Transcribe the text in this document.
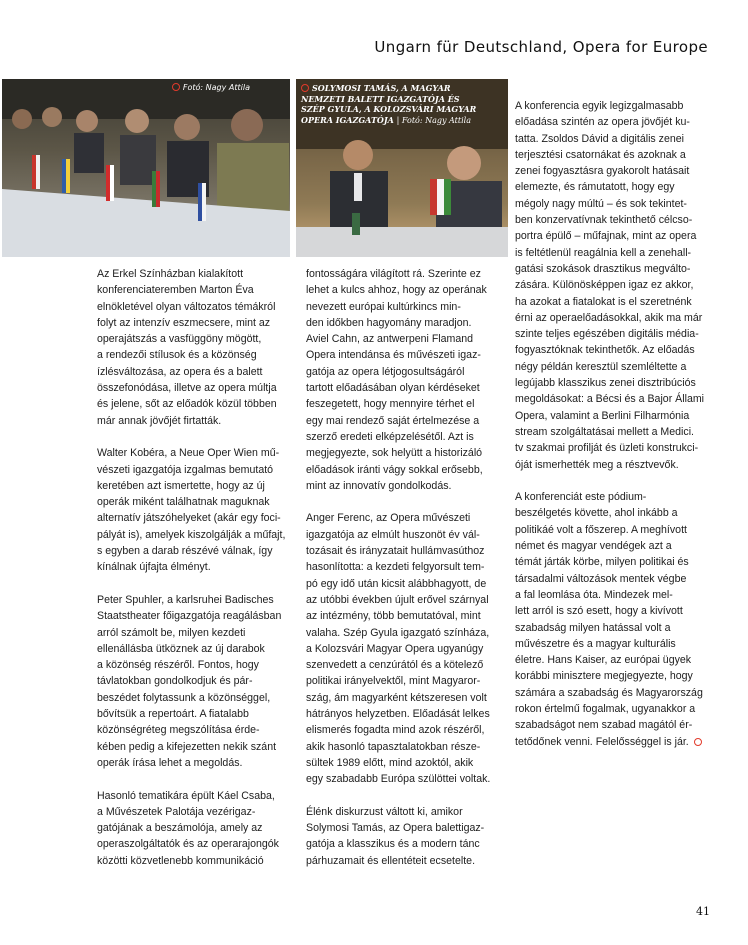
Ungarn für Deutschland, Opera for Europe
Fotó: Nagy Attila	SOLYMOSI TAMÁS, A MAGYAR
NEMZETI BALETT IGAZGATÓJA ÉS
SZÉP GYULA, A KOLOZSVÁRI MAGYAR
OPERA IGAZGATÓJA | Fotó: Nagy Attila
Az Erkel Színházban kialakított
konferenciateremben Marton Éva
elnökletével olyan változatos témákról
folyt az intenzív eszmecsere, mint az
operajátszás a vasfüggöny mögött,
a rendezői stílusok és a közönség
ízlésváltozása, az opera és a balett
összefonódása, illetve az opera múltja
és jelene, sőt az előadók közül többen
már annak jövőjét firtatták.
Walter Kobéra, a Neue Oper Wien mű-
vészeti igazgatója izgalmas bemutató
keretében azt ismertette, hogy az új
operák miként találhatnak maguknak
alternatív játszóhelyeket (akár egy foci-
pályát is), amelyek kiszolgálják a műfajt,
s egyben a darab részévé válnak, így
kínálnak újfajta élményt.
Peter Spuhler, a karlsruhei Badisches
Staatstheater főigazgatója reagálásban
arról számolt be, milyen kezdeti
ellenállásba ütköznek az új darabok
a közönség részéről. Fontos, hogy
távlatokban gondolkodjuk és pár-
beszédet folytassunk a közönséggel,
bővítsük a repertoárt. A fiatalabb
közönségréteg megszólítása érde-
kében pedig a kifejezetten nekik szánt
operák írása lehet a megoldás.
Hasonló tematikára épült Káel Csaba,
a Művészetek Palotája vezérigaz-
gatójának a beszámolója, amely az
operaszolgáltatók és az operarajongók
közötti közvetlenebb kommunikáció
fontosságára világított rá. Szerinte ez
lehet a kulcs ahhoz, hogy az operának
nevezett európai kultúrkincs min-
den időkben hagyomány maradjon.
Aviel Cahn, az antwerpeni Flamand
Opera intendánsa és művészeti igaz-
gatója az opera létjogosultságáról
tartott előadásában olyan kérdéseket
feszegetett, hogy mennyire térhet el
egy mai rendező saját értelmezése a
szerző eredeti elképzelésétől. Azt is
megjegyezte, sok helyütt a historizáló
előadások iránti vágy sokkal erősebb,
mint az innovatív gondolkodás.
Anger Ferenc, az Opera művészeti
igazgatója az elmúlt huszonöt év vál-
tozásait és irányzatait hullámvasúthoz
hasonlította: a kezdeti felgyorsult tem-
pó egy idő után kicsit alábbhagyott, de
az utóbbi években újult erővel szárnyal
az intézmény, több bemutatóval, mint
valaha. Szép Gyula igazgató színháza,
a Kolozsvári Magyar Opera ugyanúgy
szenvedett a cenzúrától és a kötelező
politikai irányelvektől, mint Magyaror-
szág, ám magyarként kétszeresen volt
hátrányos helyzetben. Előadását lelkes
elismerés fogadta mind azok részéről,
akik hasonló tapasztalatokban része-
sültek 1989 előtt, mind azoktól, akik
egy szabadabb Európa szülöttei voltak.
Élénk diskurzust váltott ki, amikor
Solymosi Tamás, az Opera balettigaz-
gatója a klasszikus és a modern tánc
párhuzamait és ellentéteit ecsetelte.
A konferencia egyik legizgalmasabb
előadása szintén az opera jövőjét ku-
tatta. Zsoldos Dávid a digitális zenei
terjesztési csatornákat és azoknak a
zenei fogyasztásra gyakorolt hatásait
elemezte, és rámutatott, hogy egy
mégoly nagy múltú – és sok tekintet-
ben konzervatívnak tekinthető célcso-
portra épülő – műfajnak, mint az opera
is feltétlenül reagálnia kell a zenehall-
gatási szokások drasztikus megválto-
zására. Különösképpen igaz ez akkor,
ha azokat a fiatalokat is el szeretnénk
érni az operaelőadásokkal, akik ma már
szinte teljes egészében digitális média-
fogyasztóknak tekinthetők. Az előadás
négy példán keresztül szemléltette a
legújabb klasszikus zenei disztribúciós
megoldásokat: a Bécsi és a Bajor Állami
Opera, valamint a Berlini Filharmónia
stream szolgáltatásai mellett a Medici.
tv szakmai profilját és üzleti konstrukci-
óját ismerhették meg a résztvevők.
A konferenciát este pódium-
beszélgetés követte, ahol inkább a
politikáé volt a főszerep. A meghívott
német és magyar vendégek azt a
témát járták körbe, milyen politikai és
társadalmi változások mentek végbe
a fal leomlása óta. Mindezek mel-
lett arról is szó esett, hogy a kivívott
szabadság milyen hatással volt a
művészetre és a magyar kulturális
életre. Hans Kaiser, az európai ügyek
korábbi minisztere megjegyezte, hogy
számára a szabadság és Magyarország
rokon értelmű fogalmak, ugyanakkor a
szabadságot nem szabad magától ér-
tetődőnek venni. Felelősséggel is jár.
41
